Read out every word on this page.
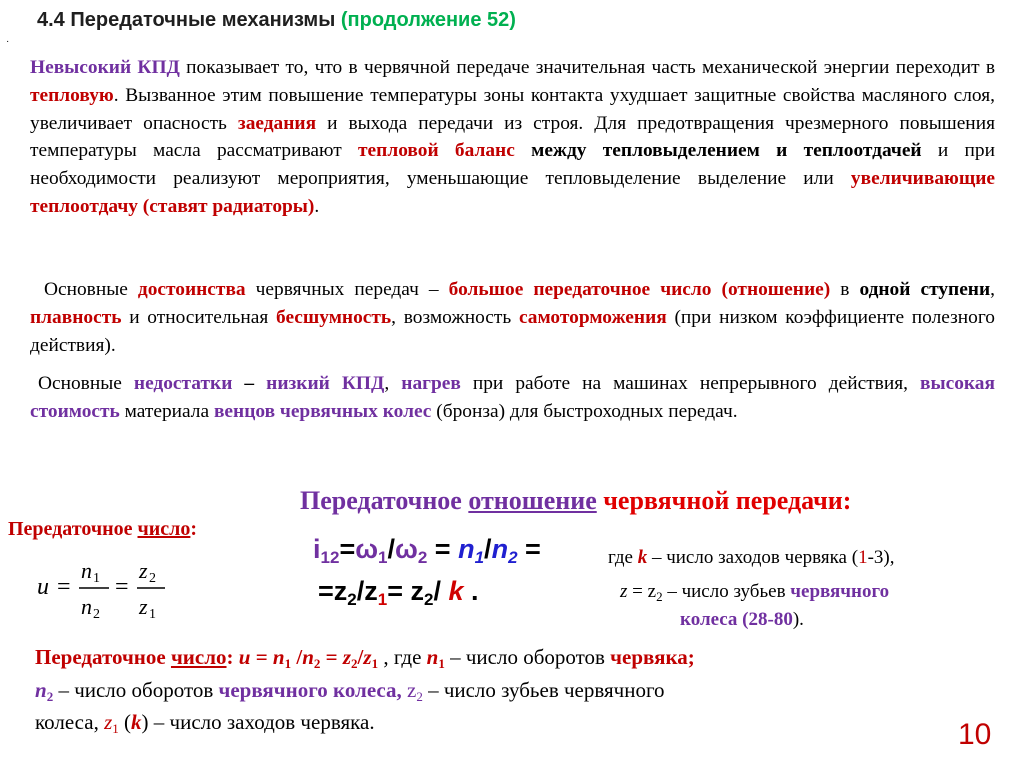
·
4.4 Передаточные механизмы (продолжение 52)
Невысокий КПД показывает то, что в червячной передаче значительная часть механической энергии переходит в тепловую. Вызванное этим повышение температуры зоны контакта ухудшает защитные свойства масляного слоя, увеличивает опасность заедания и выхода передачи из строя. Для предотвращения чрезмерного повышения температуры масла рассматривают тепловой баланс между тепловыделением и теплоотдачей и при необходимости реализуют мероприятия, уменьшающие тепловыделение выделение или увеличивающие теплоотдачу (ставят радиаторы).
Основные достоинства червячных передач – большое передаточное число (отношение) в одной ступени, плавность и относительная бесшумность, возможность самоторможения (при низком коэффициенте полезного действия).
Основные недостатки – низкий КПД, нагрев при работе на машинах непрерывного действия, высокая стоимость материала венцов червячных колес (бронза) для быстроходных передач.
Передаточное отношение червячной передачи:
Передаточное число:
u =
n 1
n 2
=
z 2
z 1
$i_{12}=\omega_1/\omega_2 = n_1/n_2$ =
$=z_2/z_1= z_2/$ k .
где k – число заходов червяка (1-3),
$z = z_2$ – число зубьев червячного
колеса (28-80).
Передаточное число: u = n1 /n2 = z2/z1 , где n1 – число оборотов червяка;
n2 – число оборотов червячного колеса, z2 – число зубьев червячного
колеса, z1 (k) – число заходов червяка.	10
